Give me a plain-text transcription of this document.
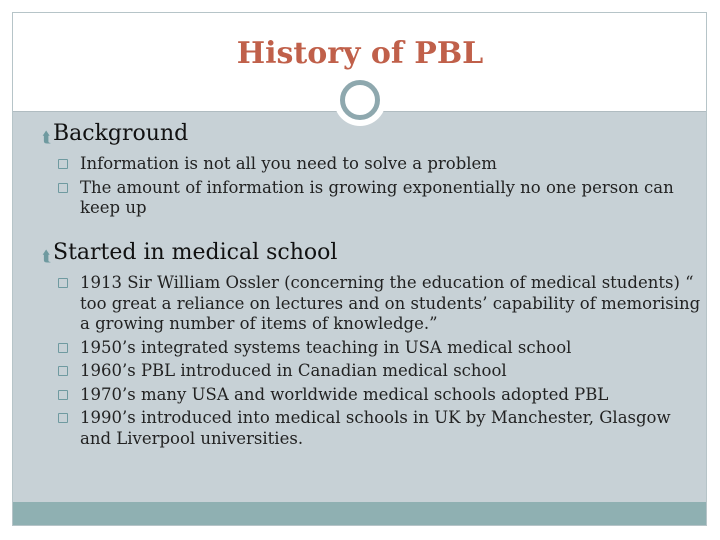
History of PBL
⮬ Background
Information is not all you need to solve a problem
The amount of information is growing exponentially no one person can keep up
⮬ Started in medical school
1913 Sir William Ossler (concerning the education of medical students) “ too great a reliance on lectures and on students’ capability of memorising a growing number of items of knowledge.”
1950’s integrated systems teaching in USA medical school
1960’s PBL introduced in Canadian medical school
1970’s many USA and worldwide medical schools adopted PBL
1990’s introduced into medical schools in UK by Manchester, Glasgow and Liverpool universities.
